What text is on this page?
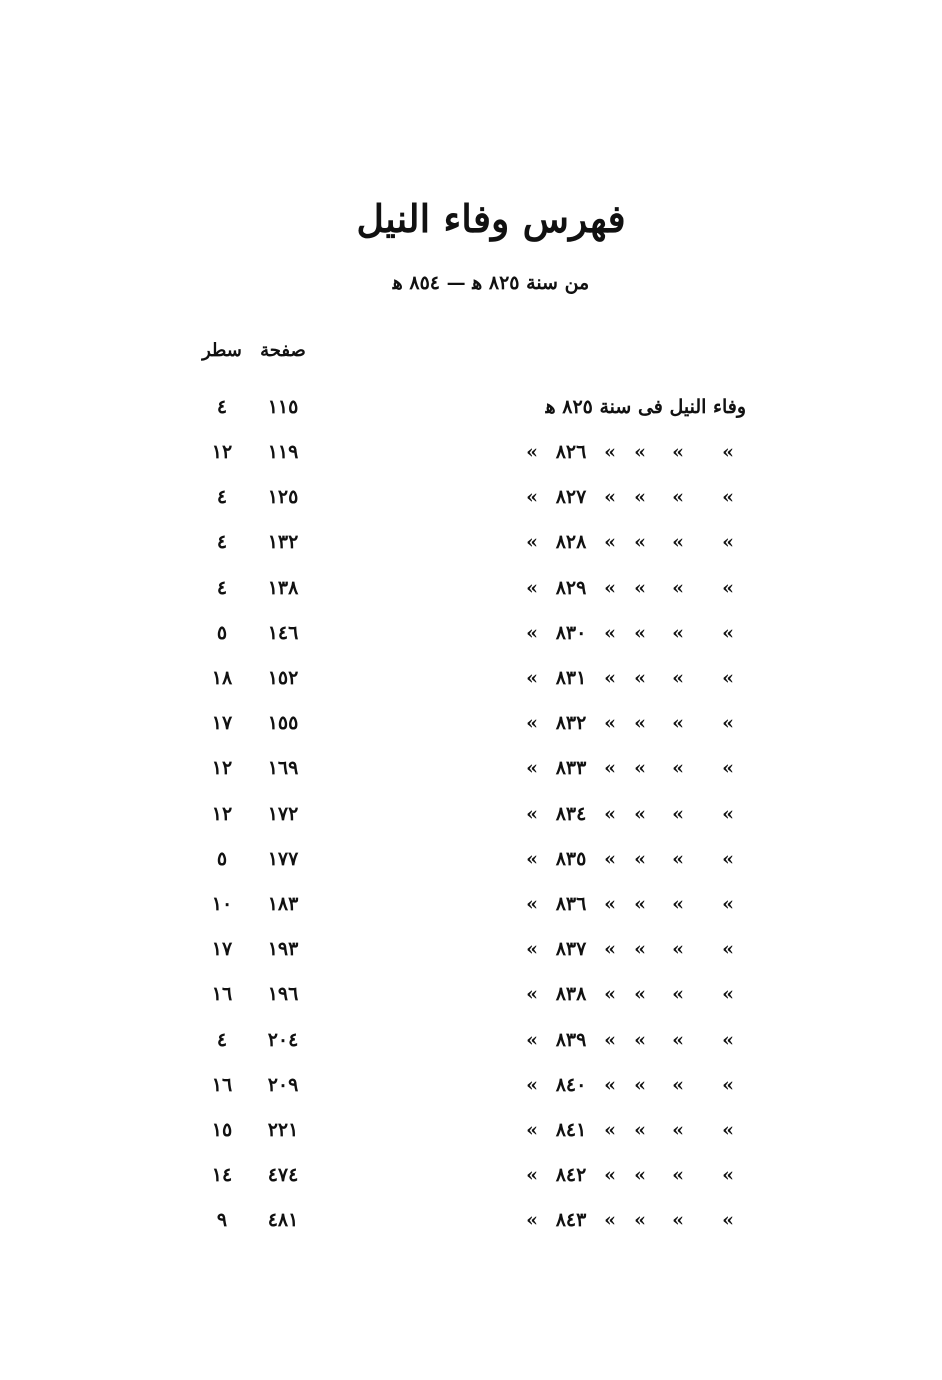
فهرس وفاء النيل
من سنة ٨٢٥ ﻫ — ٨٥٤ ﻫ
صفحة
سطر
وفاء النيل فى سنة ٨٢٥ ﻫ
١١٥
٤
»
»
»
»
٨٢٦
»
١١٩
١٢
»
»
»
»
٨٢٧
»
١٢٥
٤
»
»
»
»
٨٢٨
»
١٣٢
٤
»
»
»
»
٨٢٩
»
١٣٨
٤
»
»
»
»
٨٣٠
»
١٤٦
٥
»
»
»
»
٨٣١
»
١٥٢
١٨
»
»
»
»
٨٣٢
»
١٥٥
١٧
»
»
»
»
٨٣٣
»
١٦٩
١٢
»
»
»
»
٨٣٤
»
١٧٢
١٢
»
»
»
»
٨٣٥
»
١٧٧
٥
»
»
»
»
٨٣٦
»
١٨٣
١٠
»
»
»
»
٨٣٧
»
١٩٣
١٧
»
»
»
»
٨٣٨
»
١٩٦
١٦
»
»
»
»
٨٣٩
»
٢٠٤
٤
»
»
»
»
٨٤٠
»
٢٠٩
١٦
»
»
»
»
٨٤١
»
٢٢١
١٥
»
»
»
»
٨٤٢
»
٤٧٤
١٤
»
»
»
»
٨٤٣
»
٤٨١
٩
